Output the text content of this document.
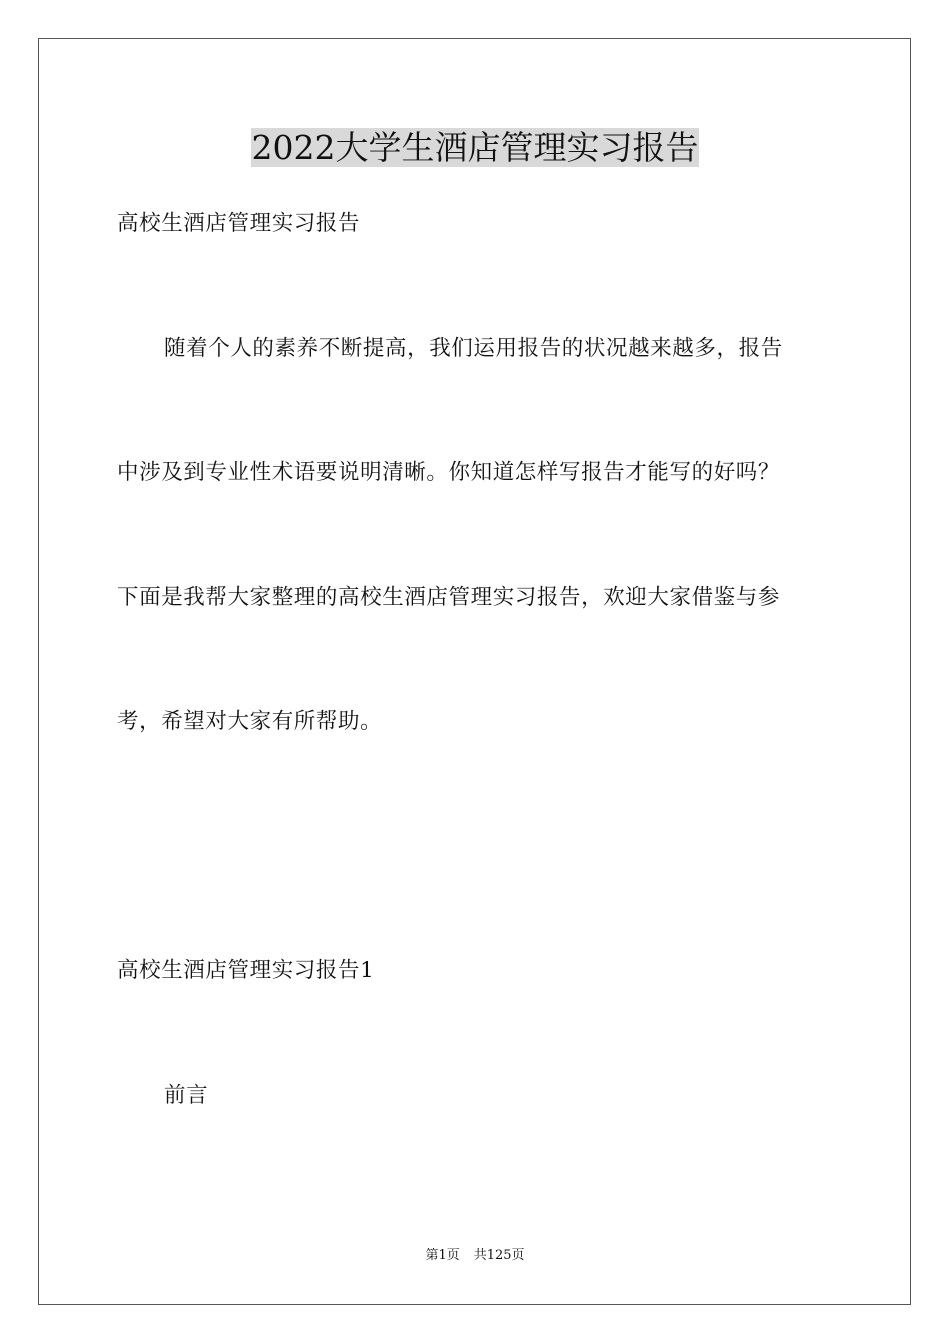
2022大学生酒店管理实习报告
高校生酒店管理实习报告
随着个人的素养不断提高，我们运用报告的状况越来越多，报告
中涉及到专业性术语要说明清晰。你知道怎样写报告才能写的好吗？
下面是我帮大家整理的高校生酒店管理实习报告，欢迎大家借鉴与参
考，希望对大家有所帮助。
高校生酒店管理实习报告1
前言
第1页 共125页
